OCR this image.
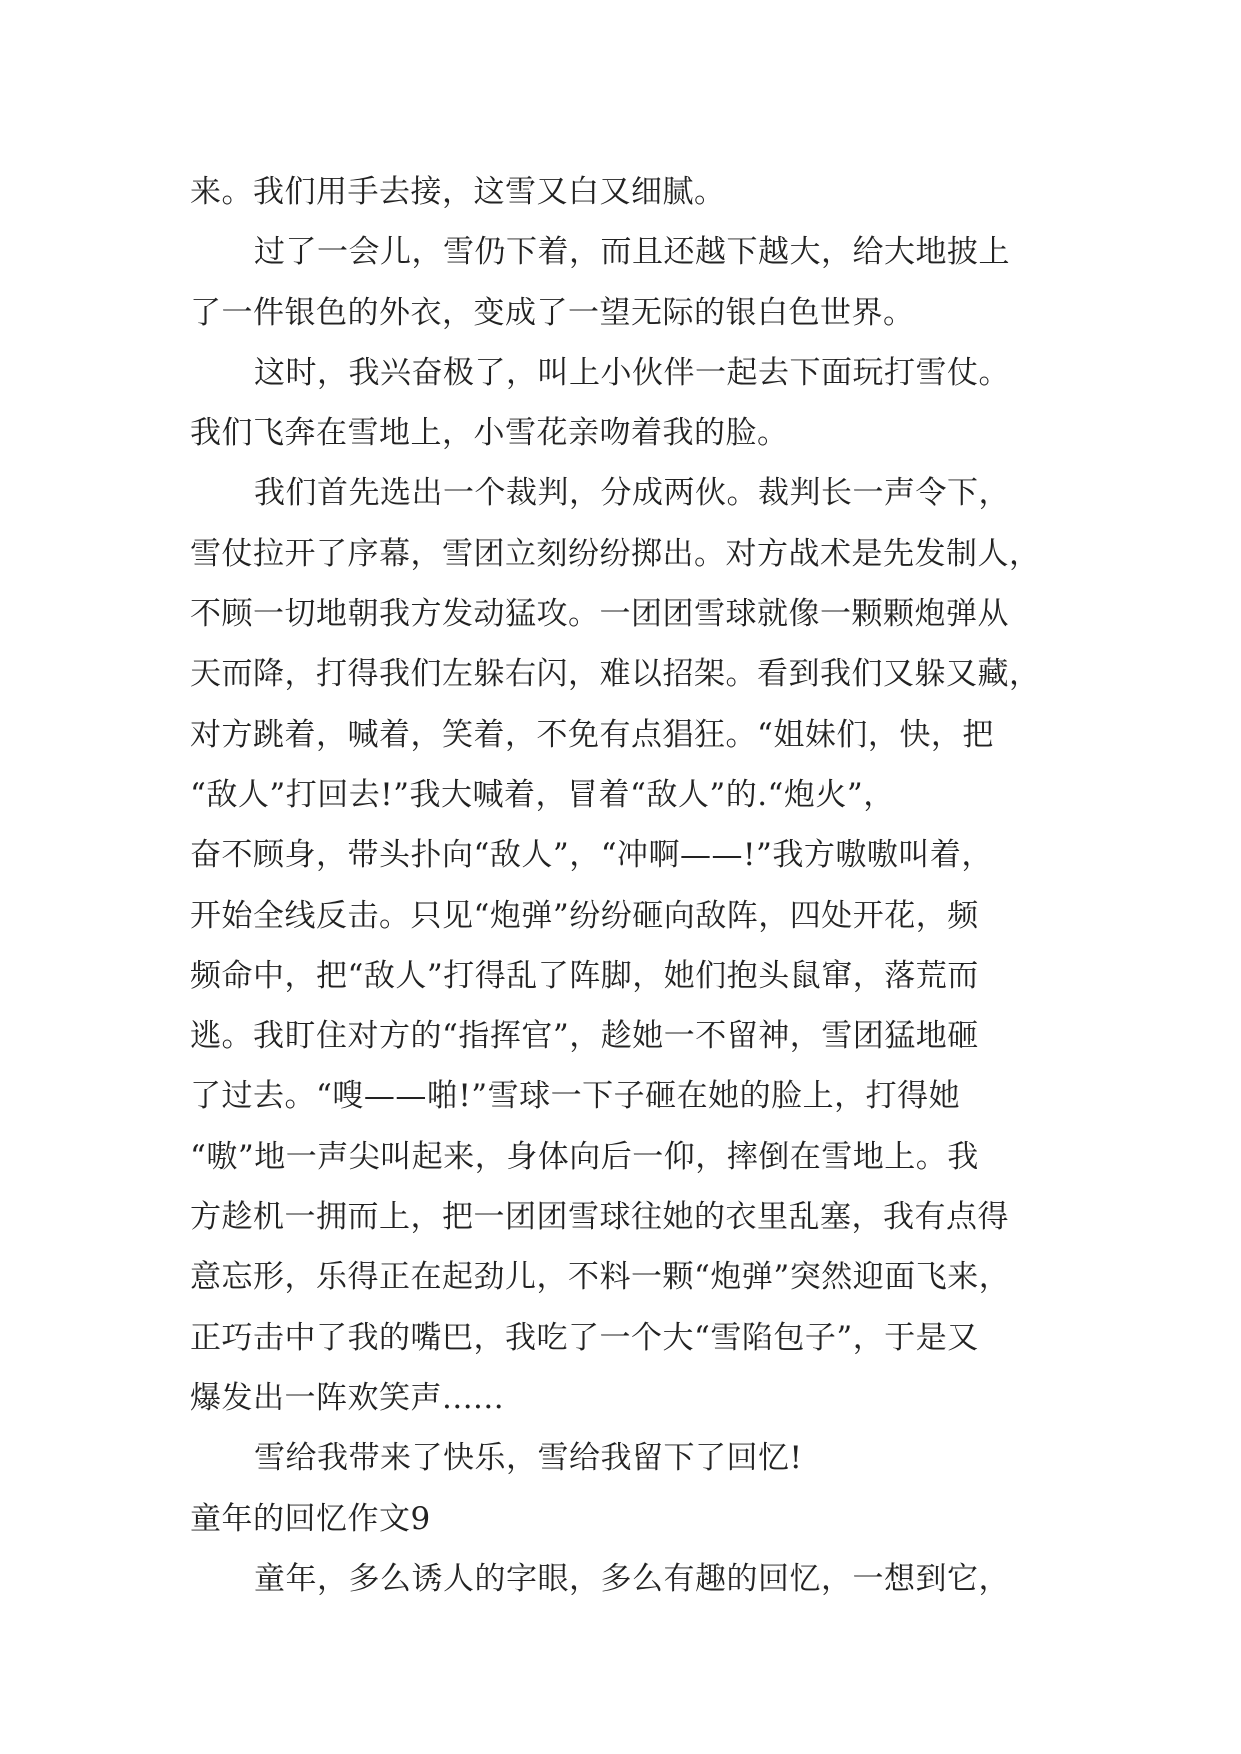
来。我们用手去接，这雪又白又细腻。
过了一会儿，雪仍下着，而且还越下越大，给大地披上
了一件银色的外衣，变成了一望无际的银白色世界。
这时，我兴奋极了，叫上小伙伴一起去下面玩打雪仗。
我们飞奔在雪地上，小雪花亲吻着我的脸。
我们首先选出一个裁判，分成两伙。裁判长一声令下，
雪仗拉开了序幕，雪团立刻纷纷掷出。对方战术是先发制人，
不顾一切地朝我方发动猛攻。一团团雪球就像一颗颗炮弹从
天而降，打得我们左躲右闪，难以招架。看到我们又躲又藏，
对方跳着，喊着，笑着，不免有点猖狂。“姐妹们，快，把
“敌人”打回去!”我大喊着，冒着“敌人”的.“炮火”，
奋不顾身，带头扑向“敌人”，“冲啊——!”我方嗷嗷叫着，
开始全线反击。只见“炮弹”纷纷砸向敌阵，四处开花，频
频命中，把“敌人”打得乱了阵脚，她们抱头鼠窜，落荒而
逃。我盯住对方的“指挥官”，趁她一不留神，雪团猛地砸
了过去。“嗖——啪!”雪球一下子砸在她的脸上，打得她
“嗷”地一声尖叫起来，身体向后一仰，摔倒在雪地上。我
方趁机一拥而上，把一团团雪球往她的衣里乱塞，我有点得
意忘形，乐得正在起劲儿，不料一颗“炮弹”突然迎面飞来，
正巧击中了我的嘴巴，我吃了一个大“雪陷包子”，于是又
爆发出一阵欢笑声......
雪给我带来了快乐，雪给我留下了回忆!
童年的回忆作文9
童年，多么诱人的字眼，多么有趣的回忆，一想到它，
